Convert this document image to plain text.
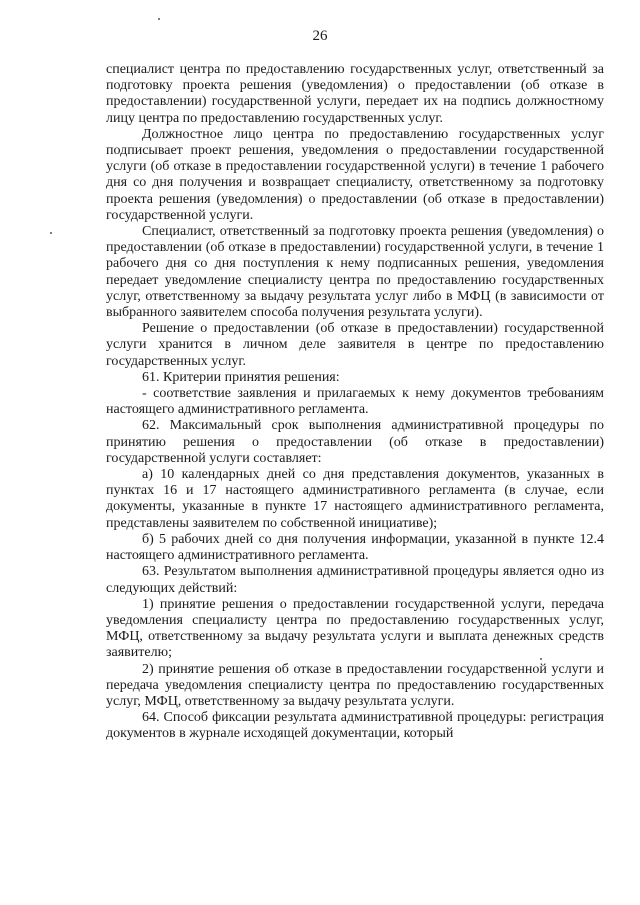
26

специалист центра по предоставлению государственных услуг, ответственный за подготовку проекта решения (уведомления) о предоставлении (об отказе в предоставлении) государственной услуги, передает их на подпись должностному лицу центра по предоставлению государственных услуг.

Должностное лицо центра по предоставлению государственных услуг подписывает проект решения, уведомления о предоставлении государственной услуги (об отказе в предоставлении государственной услуги) в течение 1 рабочего дня со дня получения и возвращает специалисту, ответственному за подготовку проекта решения (уведомления) о предоставлении (об отказе в предоставлении) государственной услуги.

Специалист, ответственный за подготовку проекта решения (уведомления) о предоставлении (об отказе в предоставлении) государственной услуги, в течение 1 рабочего дня со дня поступления к нему подписанных решения, уведомления передает уведомление специалисту центра по предоставлению государственных услуг, ответственному за выдачу результата услуг либо в МФЦ (в зависимости от выбранного заявителем способа получения результата услуги).

Решение о предоставлении (об отказе в предоставлении) государственной услуги хранится в личном деле заявителя в центре по предоставлению государственных услуг.

61. Критерии принятия решения:

- соответствие заявления и прилагаемых к нему документов требованиям настоящего административного регламента.

62. Максимальный срок выполнения административной процедуры по принятию решения о предоставлении (об отказе в предоставлении) государственной услуги составляет:

а) 10 календарных дней со дня представления документов, указанных в пунктах 16 и 17 настоящего административного регламента (в случае, если документы, указанные в пункте 17 настоящего административного регламента, представлены заявителем по собственной инициативе);

б) 5 рабочих дней со дня получения информации, указанной в пункте 12.4 настоящего административного регламента.

63. Результатом выполнения административной процедуры является одно из следующих действий:

1) принятие решения о предоставлении государственной услуги, передача уведомления специалисту центра по предоставлению государственных услуг, МФЦ, ответственному за выдачу результата услуги и выплата денежных средств заявителю;

2) принятие решения об отказе в предоставлении государственной услуги и передача уведомления специалисту центра по предоставлению государственных услуг, МФЦ, ответственному за выдачу результата услуги.

64. Способ фиксации результата административной процедуры: регистрация документов в журнале исходящей документации, который
